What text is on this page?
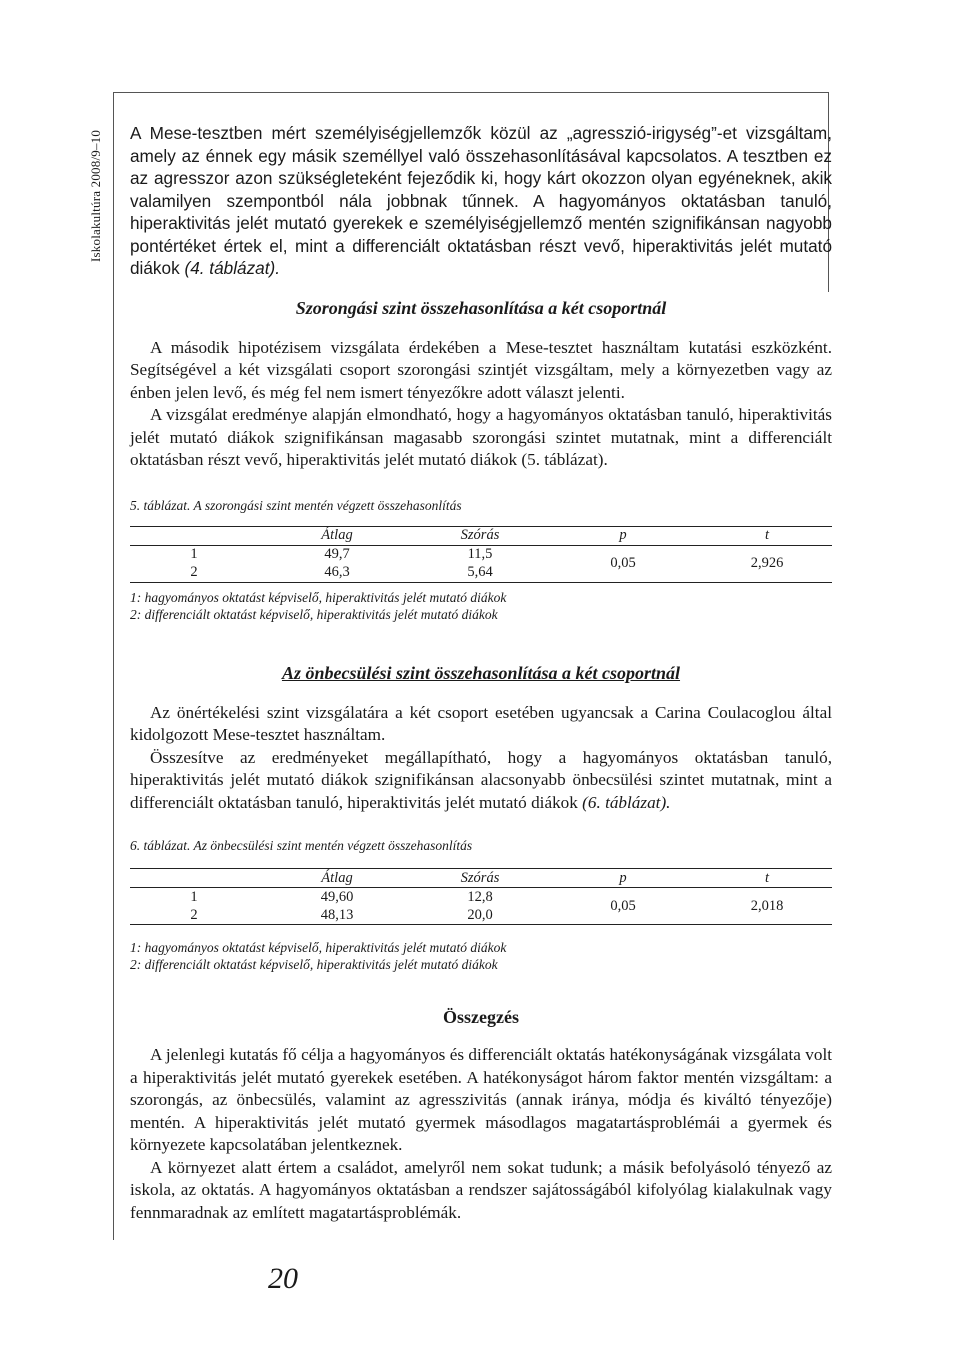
Iskolakultúra 2008/9–10 A Mese-tesztben mért személyiségjellemzők közül az „agresszió-irigység”-et vizsgáltam, amely az énnek egy másik személlyel való összehasonlításával kapcsolatos. A tesztben ez az agresszor azon szükségleteként fejeződik ki, hogy kárt okozzon olyan egyéneknek, akik valamilyen szempontból nála jobbnak tűnnek. A hagyományos oktatásban tanuló, hiperaktivitás jelét mutató gyerekek e személyiségjellemző mentén szignifikánsan nagyobb pontértéket értek el, mint a differenciált oktatásban részt vevő, hiperaktivitás jelét mutató diákok (4. táblázat).

Szorongási szint összehasonlítása a két csoportnál

A második hipotézisem vizsgálata érdekében a Mese-tesztet használtam kutatási eszközként. Segítségével a két vizsgálati csoport szorongási szintjét vizsgáltam, mely a környezetben vagy az énben jelen levő, és még fel nem ismert tényezőkre adott választ jelenti.

A vizsgálat eredménye alapján elmondható, hogy a hagyományos oktatásban tanuló, hiperaktivitás jelét mutató diákok szignifikánsan magasabb szorongási szintet mutatnak, mint a differenciált oktatásban részt vevő, hiperaktivitás jelét mutató diákok (5. táblázat).

5. táblázat. A szorongási szint mentén végzett összehasonlítás

	Átlag	Szórás	p	t
1	49,7	11,5	0,05	2,926
2	46,3	5,64		

1: hagyományos oktatást képviselő, hiperaktivitás jelét mutató diákok

2: differenciált oktatást képviselő, hiperaktivitás jelét mutató diákok

Az önbecsülési szint összehasonlítása a két csoportnál

Az önértékelési szint vizsgálatára a két csoport esetében ugyancsak a Carina Coulacoglou által kidolgozott Mese-tesztet használtam.

Összesítve az eredményeket megállapítható, hogy a hagyományos oktatásban tanuló, hiperaktivitás jelét mutató diákok szignifikánsan alacsonyabb önbecsülési szintet mutatnak, mint a differenciált oktatásban tanuló, hiperaktivitás jelét mutató diákok (6. táblázat).

6. táblázat. Az önbecsülési szint mentén végzett összehasonlítás

	Átlag	Szórás	p	t
1	49,60	12,8	0,05	2,018
2	48,13	20,0		

1: hagyományos oktatást képviselő, hiperaktivitás jelét mutató diákok

2: differenciált oktatást képviselő, hiperaktivitás jelét mutató diákok

Összegzés

A jelenlegi kutatás fő célja a hagyományos és differenciált oktatás hatékonyságának vizsgálata volt a hiperaktivitás jelét mutató gyerekek esetében. A hatékonyságot három faktor mentén vizsgáltam: a szorongás, az önbecsülés, valamint az agresszivitás (annak iránya, módja és kiváltó tényezője) mentén. A hiperaktivitás jelét mutató gyermek másodlagos magatartásproblémái a gyermek és környezete kapcsolatában jelentkeznek.

A környezet alatt értem a családot, amelyről nem sokat tudunk; a másik befolyásoló tényező az iskola, az oktatás. A hagyományos oktatásban a rendszer sajátosságából kifolyólag kialakulnak vagy fennmaradnak az említett magatartásproblémák.

20
